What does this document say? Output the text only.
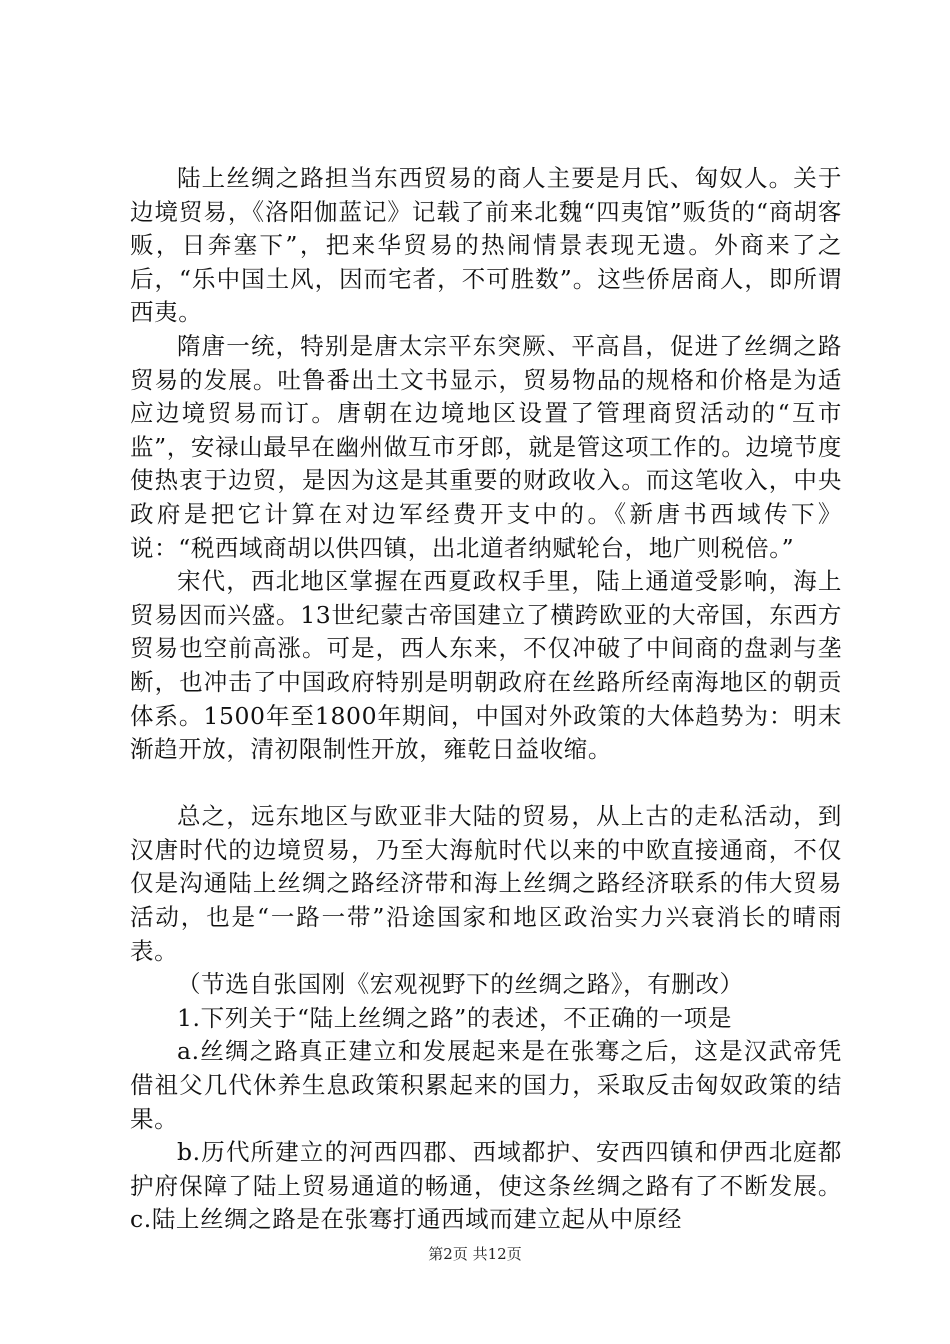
陆上丝绸之路担当东西贸易的商人主要是月氏、匈奴人。关于边境贸易，《洛阳伽蓝记》记载了前来北魏“四夷馆”贩货的“商胡客贩，日奔塞下”，把来华贸易的热闹情景表现无遗。外商来了之后，“乐中国土风，因而宅者，不可胜数”。这些侨居商人，即所谓西夷。

隋唐一统，特别是唐太宗平东突厥、平高昌，促进了丝绸之路贸易的发展。吐鲁番出土文书显示，贸易物品的规格和价格是为适应边境贸易而订。唐朝在边境地区设置了管理商贸活动的“互市监”，安禄山最早在幽州做互市牙郎，就是管这项工作的。边境节度使热衷于边贸，是因为这是其重要的财政收入。而这笔收入，中央政府是把它计算在对边军经费开支中的。《新唐书西域传下》说：“税西域商胡以供四镇，出北道者纳赋轮台，地广则税倍。”

宋代，西北地区掌握在西夏政权手里，陆上通道受影响，海上贸易因而兴盛。13世纪蒙古帝国建立了横跨欧亚的大帝国，东西方贸易也空前高涨。可是，西人东来，不仅冲破了中间商的盘剥与垄断，也冲击了中国政府特别是明朝政府在丝路所经南海地区的朝贡体系。1500年至1800年期间，中国对外政策的大体趋势为：明末渐趋开放，清初限制性开放，雍乾日益收缩。

总之，远东地区与欧亚非大陆的贸易，从上古的走私活动，到汉唐时代的边境贸易，乃至大海航时代以来的中欧直接通商，不仅仅是沟通陆上丝绸之路经济带和海上丝绸之路经济联系的伟大贸易活动，也是“一路一带”沿途国家和地区政治实力兴衰消长的晴雨表。

（节选自张国刚《宏观视野下的丝绸之路》，有删改）

1.下列关于“陆上丝绸之路”的表述，不正确的一项是

a.丝绸之路真正建立和发展起来是在张骞之后，这是汉武帝凭借祖父几代休养生息政策积累起来的国力，采取反击匈奴政策的结果。

b.历代所建立的河西四郡、西域都护、安西四镇和伊西北庭都护府保障了陆上贸易通道的畅通，使这条丝绸之路有了不断发展。c.陆上丝绸之路是在张骞打通西域而建立起从中原经

第2页 共12页
